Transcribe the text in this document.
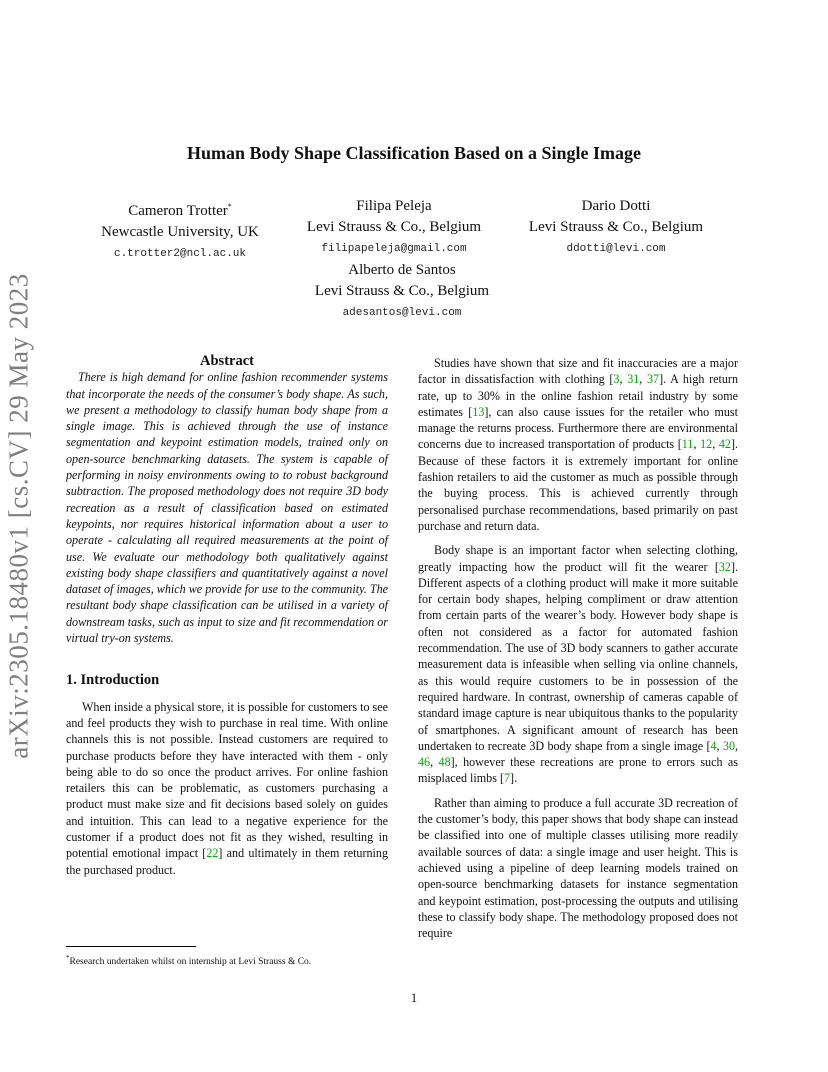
arXiv:2305.18480v1 [cs.CV] 29 May 2023
Human Body Shape Classification Based on a Single Image
Cameron Trotter*
Newcastle University, UK
c.trotter2@ncl.ac.uk
Filipa Peleja
Levi Strauss & Co., Belgium
filipapeleja@gmail.com
Dario Dotti
Levi Strauss & Co., Belgium
ddotti@levi.com
Alberto de Santos
Levi Strauss & Co., Belgium
adesantos@levi.com
Abstract

There is high demand for online fashion recommender systems that incorporate the needs of the consumer’s body shape. As such, we present a methodology to classify human body shape from a single image. This is achieved through the use of instance segmentation and keypoint estimation models, trained only on open-source benchmarking datasets. The system is capable of performing in noisy environments owing to to robust background subtraction. The proposed methodology does not require 3D body recreation as a result of classification based on estimated keypoints, nor requires historical information about a user to operate - calculating all required measurements at the point of use. We evaluate our methodology both qualitatively against existing body shape classifiers and quantitatively against a novel dataset of images, which we provide for use to the community. The resultant body shape classification can be utilised in a variety of downstream tasks, such as input to size and fit recommendation or virtual try-on systems.

1. Introduction

When inside a physical store, it is possible for customers to see and feel products they wish to purchase in real time. With online channels this is not possible. Instead customers are required to purchase products before they have interacted with them - only being able to do so once the product arrives. For online fashion retailers this can be problematic, as customers purchasing a product must make size and fit decisions based solely on guides and intuition. This can lead to a negative experience for the customer if a product does not fit as they wished, resulting in potential emotional impact [22] and ultimately in them returning the purchased product.

Studies have shown that size and fit inaccuracies are a major factor in dissatisfaction with clothing [3, 31, 37]. A high return rate, up to 30% in the online fashion retail industry by some estimates [13], can also cause issues for the retailer who must manage the returns process. Furthermore there are environmental concerns due to increased transportation of products [11, 12, 42]. Because of these factors it is extremely important for online fashion retailers to aid the customer as much as possible through the buying process. This is achieved currently through personalised purchase recommendations, based primarily on past purchase and return data.

Body shape is an important factor when selecting clothing, greatly impacting how the product will fit the wearer [32]. Different aspects of a clothing product will make it more suitable for certain body shapes, helping compliment or draw attention from certain parts of the wearer’s body. However body shape is often not considered as a factor for automated fashion recommendation. The use of 3D body scanners to gather accurate measurement data is infeasible when selling via online channels, as this would require customers to be in possession of the required hardware. In contrast, ownership of cameras capable of standard image capture is near ubiquitous thanks to the popularity of smartphones. A significant amount of research has been undertaken to recreate 3D body shape from a single image [4, 30, 46, 48], however these recreations are prone to errors such as misplaced limbs [7].

Rather than aiming to produce a full accurate 3D recreation of the customer’s body, this paper shows that body shape can instead be classified into one of multiple classes utilising more readily available sources of data: a single image and user height. This is achieved using a pipeline of deep learning models trained on open-source benchmarking datasets for instance segmentation and keypoint estimation, post-processing the outputs and utilising these to classify body shape. The methodology proposed does not require

*Research undertaken whilst on internship at Levi Strauss & Co.
1
